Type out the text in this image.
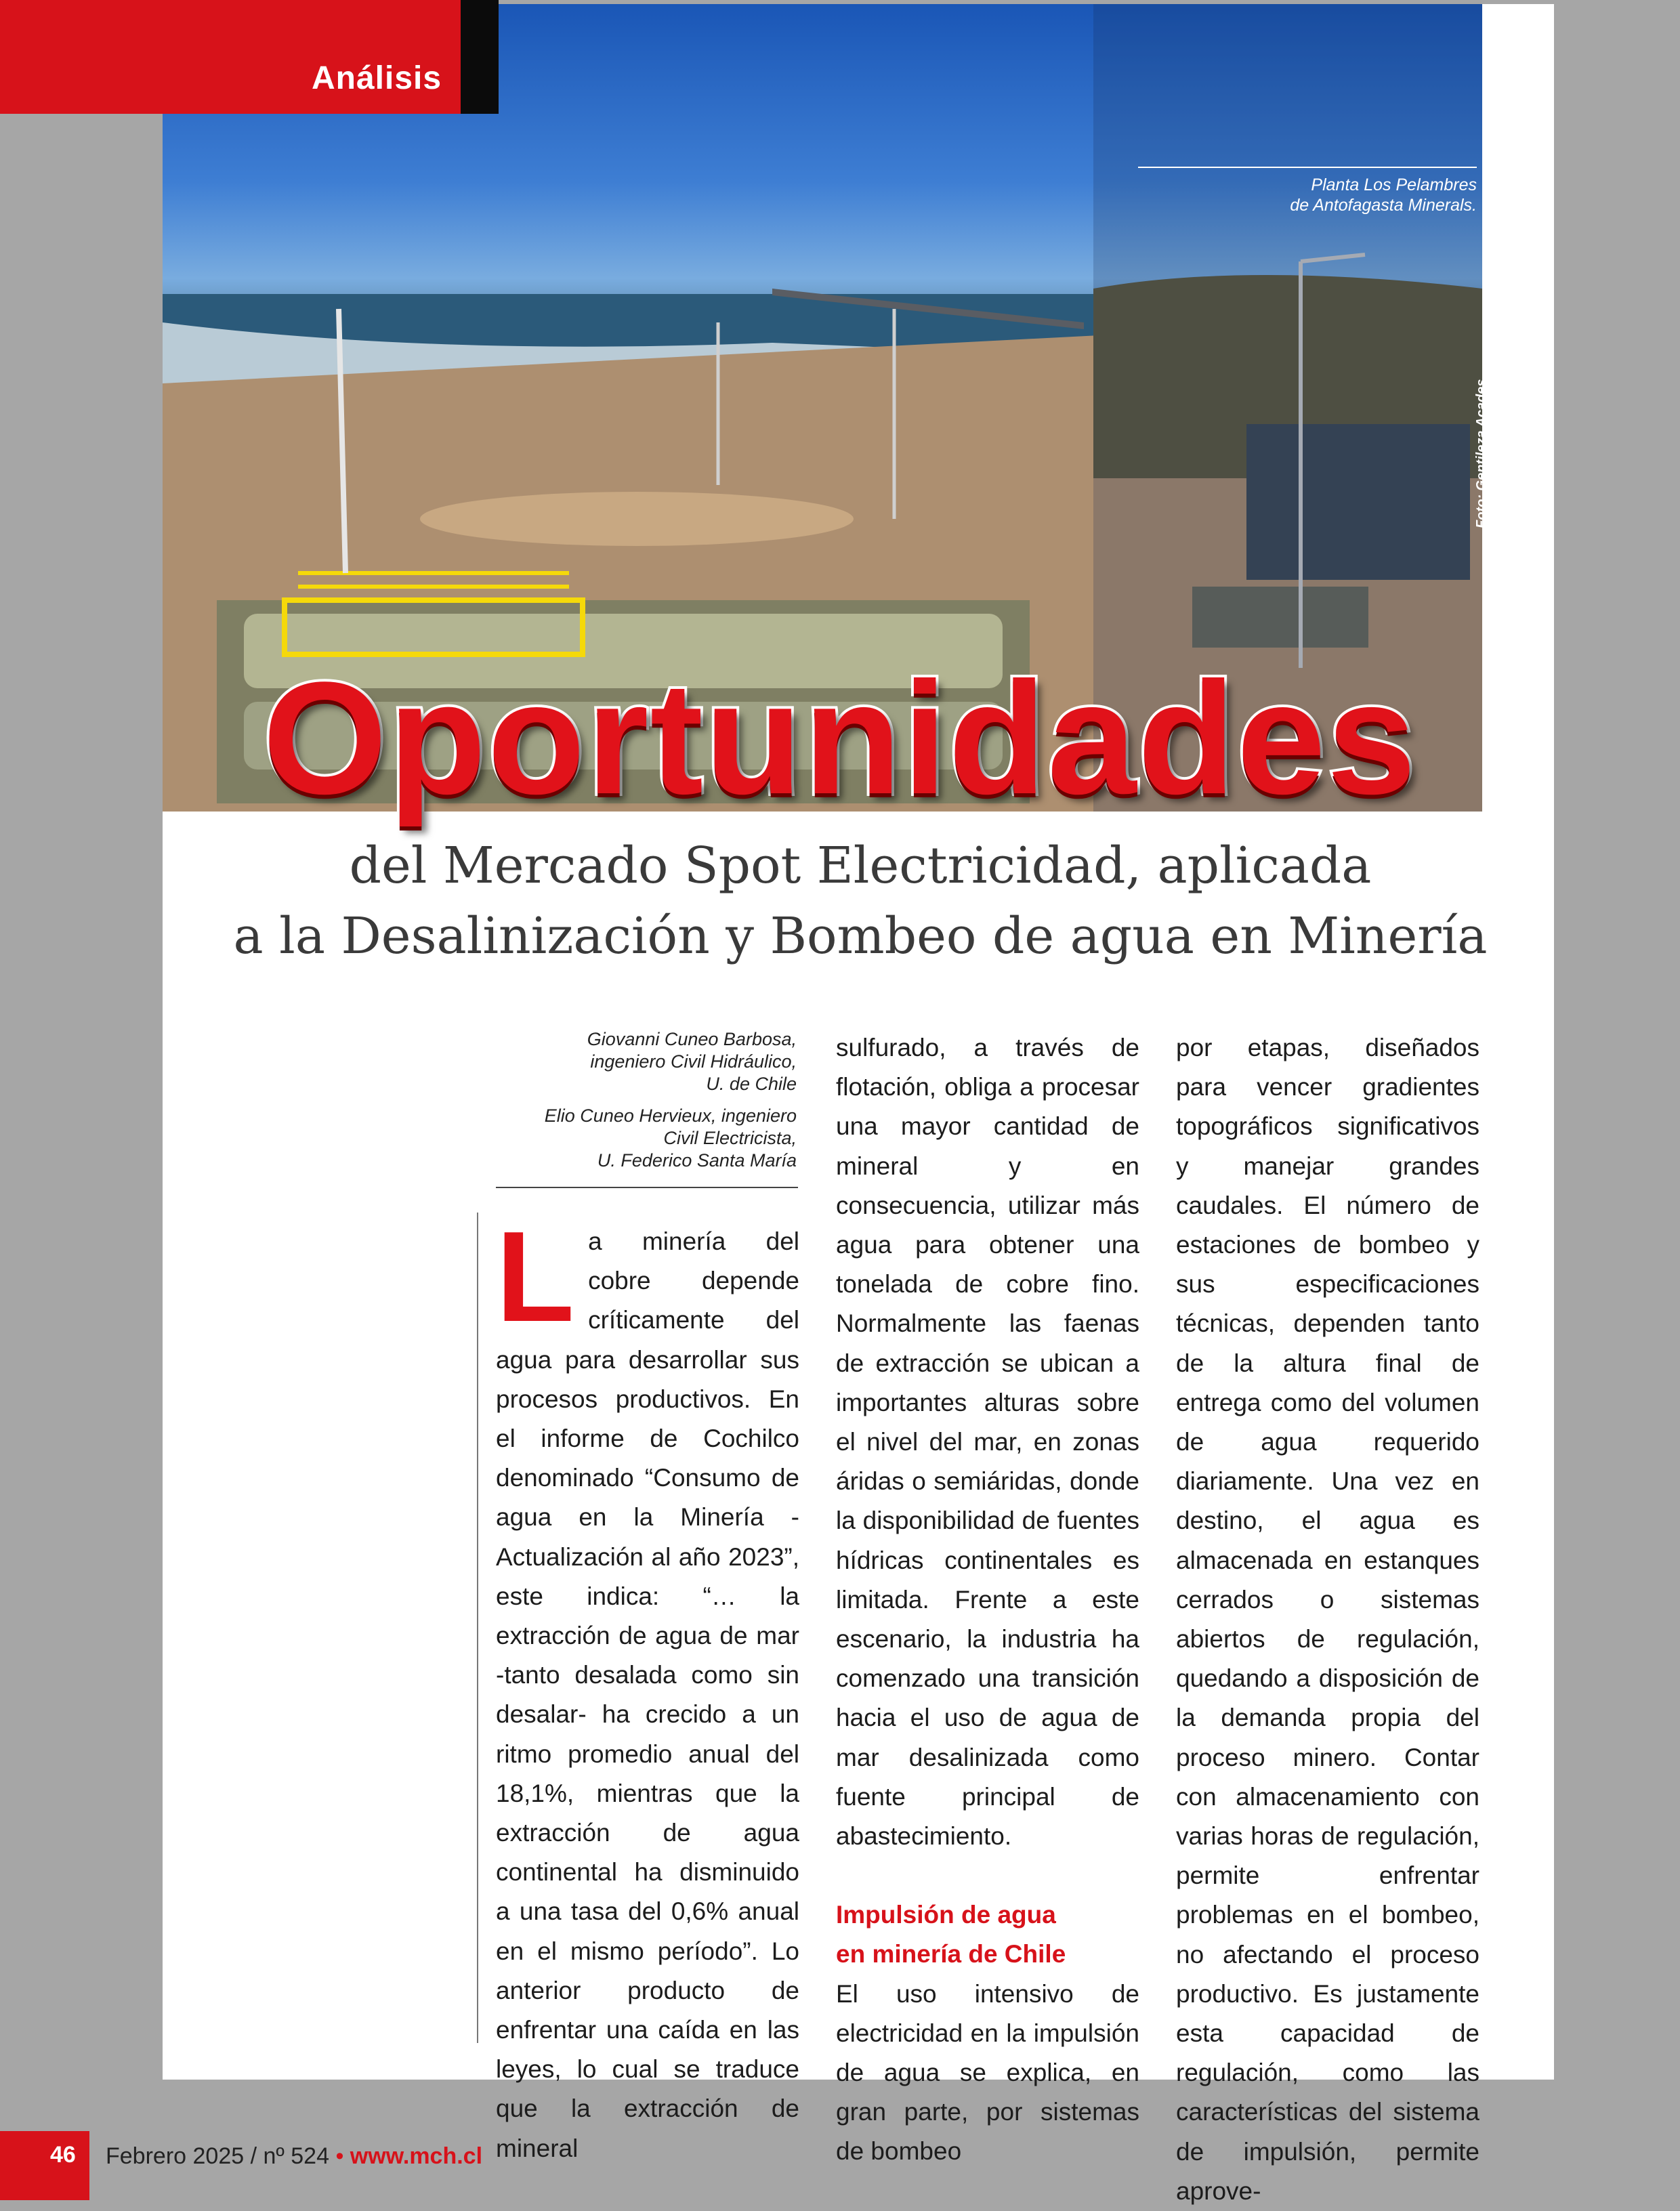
Planta Los Pelambres
de Antofagasta Minerals.
Foto: Gentileza Acades
Análisis
Oportunidades
del Mercado Spot Electricidad, aplicada
a la Desalinización y Bombeo de agua en Minería

Giovanni Cuneo Barbosa,
ingeniero Civil Hidráulico,
U. de Chile

Elio Cuneo Hervieux, ingeniero
Civil Electricista,
U. Federico Santa María

L a minería del cobre depende críticamente del agua para desarrollar sus procesos productivos. En el informe de Cochilco denominado “Consumo de agua en la Minería - Actualización al año 2023”, este indica: “… la extracción de agua de mar -tanto desalada como sin desalar- ha crecido a un ritmo promedio anual del 18,1%, mientras que la extracción de agua continental ha disminuido a una tasa del 0,6% anual en el mismo período”. Lo anterior producto de enfrentar una caída en las leyes, lo cual se traduce que la extracción de mineral

sulfurado, a través de flotación, obliga a procesar una mayor cantidad de mineral y en consecuencia, utilizar más agua para obtener una tonelada de cobre fino. Normalmente las faenas de extracción se ubican a importantes alturas sobre el nivel del mar, en zonas áridas o semiáridas, donde la disponibilidad de fuentes hídricas continentales es limitada. Frente a este escenario, la industria ha comenzado una transición hacia el uso de agua de mar desalinizada como fuente principal de abastecimiento.

Impulsión de agua
en minería de Chile

El uso intensivo de electricidad en la impulsión de agua se explica, en gran parte, por sistemas de bombeo

por etapas, diseñados para vencer gradientes topográficos significativos y manejar grandes caudales. El número de estaciones de bombeo y sus especificaciones técnicas, dependen tanto de la altura final de entrega como del volumen de agua requerido diariamente. Una vez en destino, el agua es almacenada en estanques cerrados o sistemas abiertos de regulación, quedando a disposición de la demanda propia del proceso minero. Contar con almacenamiento con varias horas de regulación, permite enfrentar problemas en el bombeo, no afectando el proceso productivo. Es justamente esta capacidad de regulación, como las características del sistema de impulsión, permite aprove-

46 Febrero 2025 / nº 524 • www.mch.cl
